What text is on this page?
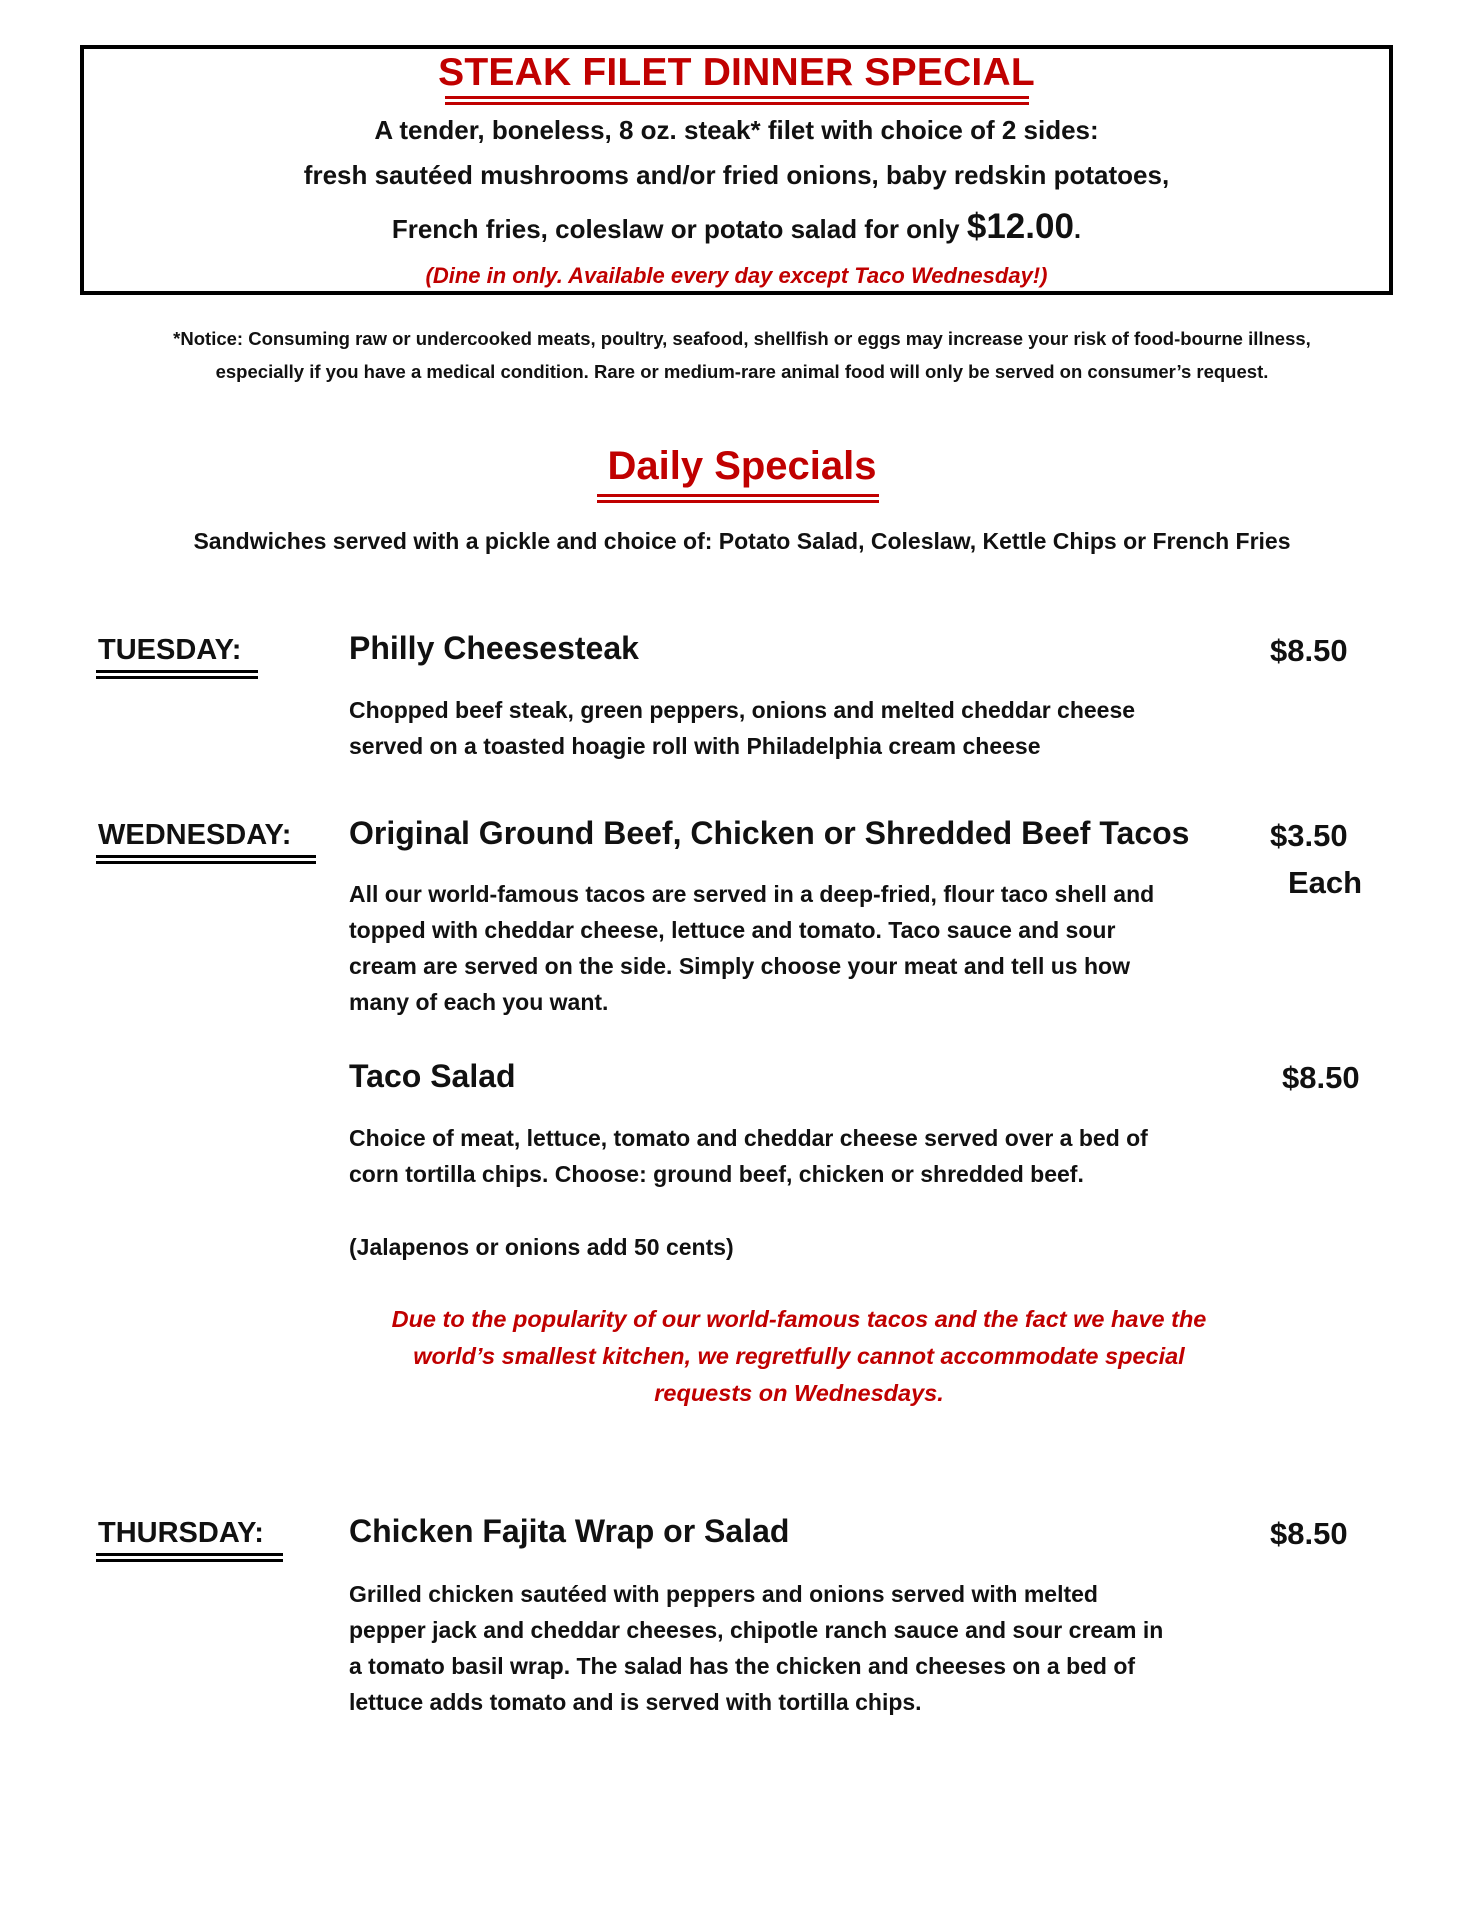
STEAK FILET DINNER SPECIAL
A tender, boneless, 8 oz. steak* filet with choice of 2 sides:
fresh sautéed mushrooms and/or fried onions, baby redskin potatoes,
French fries, coleslaw or potato salad for only $12.00.
(Dine in only. Available every day except Taco Wednesday!)
*Notice: Consuming raw or undercooked meats, poultry, seafood, shellfish or eggs may increase your risk of food-bourne illness,
especially if you have a medical condition. Rare or medium-rare animal food will only be served on consumer’s request.
Daily Specials
Sandwiches served with a pickle and choice of: Potato Salad, Coleslaw, Kettle Chips or French Fries
TUESDAY:	Philly Cheesesteak	$8.50
Chopped beef steak, green peppers, onions and melted cheddar cheese
served on a toasted hoagie roll with Philadelphia cream cheese
WEDNESDAY: Original Ground Beef, Chicken or Shredded Beef Tacos	$3.50
Each
All our world-famous tacos are served in a deep-fried, flour taco shell and
topped with cheddar cheese, lettuce and tomato. Taco sauce and sour
cream are served on the side. Simply choose your meat and tell us how
many of each you want.
Taco Salad	$8.50
Choice of meat, lettuce, tomato and cheddar cheese served over a bed of
corn tortilla chips. Choose: ground beef, chicken or shredded beef.
(Jalapenos or onions add 50 cents)
Due to the popularity of our world-famous tacos and the fact we have the
world’s smallest kitchen, we regretfully cannot accommodate special
requests on Wednesdays.
THURSDAY:	Chicken Fajita Wrap or Salad	$8.50
Grilled chicken sautéed with peppers and onions served with melted
pepper jack and cheddar cheeses, chipotle ranch sauce and sour cream in
a tomato basil wrap. The salad has the chicken and cheeses on a bed of
lettuce adds tomato and is served with tortilla chips.
